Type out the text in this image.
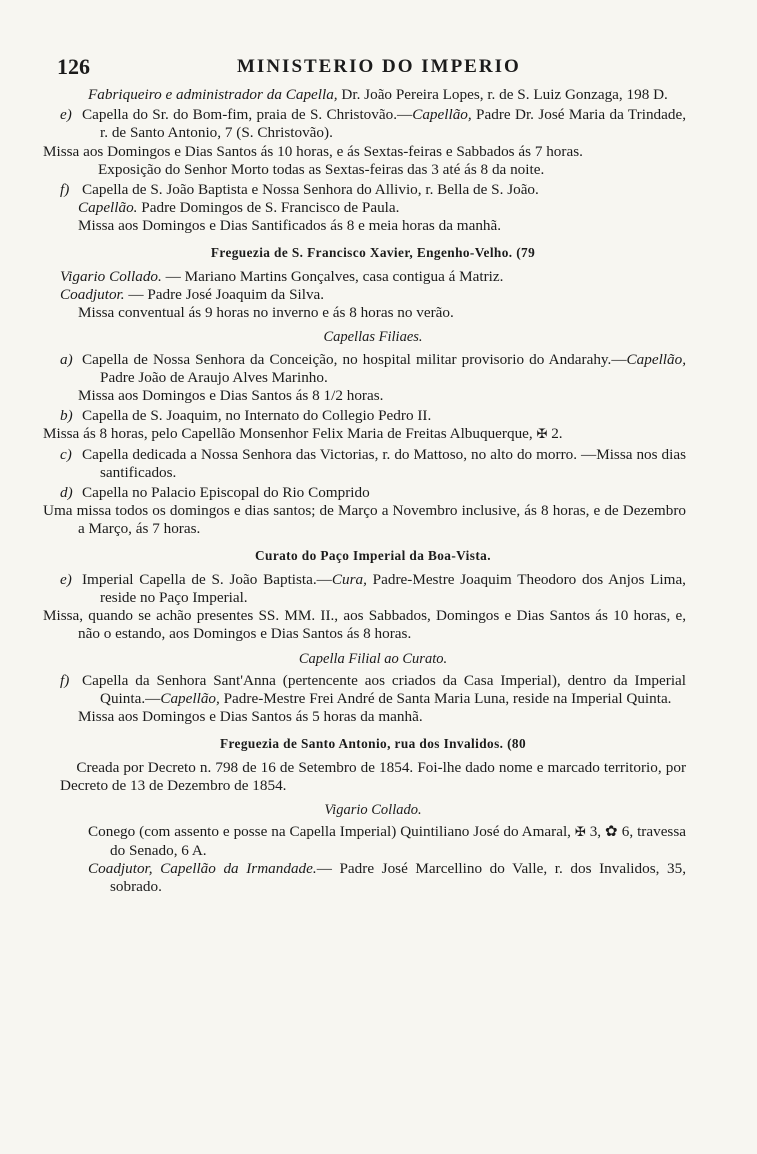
126	MINISTERIO DO IMPERIO
Fabriqueiro e administrador da Capella, Dr. João Pereira Lopes, r. de S. Luiz Gonzaga, 198 D.
e) Capella do Sr. do Bom-fim, praia de S. Christovão.—Capellão, Padre Dr. José Maria da Trindade, r. de Santo Antonio, 7 (S. Christovão).
Missa aos Domingos e Dias Santos ás 10 horas, e ás Sextas-feiras e Sabbados ás 7 horas.
Exposição do Senhor Morto todas as Sextas-feiras das 3 até ás 8 da noite.
f) Capella de S. João Baptista e Nossa Senhora do Allivio, r. Bella de S. João.
Capellão. Padre Domingos de S. Francisco de Paula.
Missa aos Domingos e Dias Santificados ás 8 e meia horas da manhã.
Freguezia de S. Francisco Xavier, Engenho-Velho. (79
Vigario Collado. — Mariano Martins Gonçalves, casa contigua á Matriz.
Coadjutor. — Padre José Joaquim da Silva.
Missa conventual ás 9 horas no inverno e ás 8 horas no verão.
Capellas Filiaes.
a) Capella de Nossa Senhora da Conceição, no hospital militar provisorio do Andarahy.—Capellão, Padre João de Araujo Alves Marinho.
Missa aos Domingos e Dias Santos ás 8 1/2 horas.
b) Capella de S. Joaquim, no Internato do Collegio Pedro II.
Missa ás 8 horas, pelo Capellão Monsenhor Felix Maria de Freitas Albuquerque, ✠ 2.
c) Capella dedicada a Nossa Senhora das Victorias, r. do Mattoso, no alto do morro. —Missa nos dias santificados.
d) Capella no Palacio Episcopal do Rio Comprido
Uma missa todos os domingos e dias santos; de Março a Novembro inclusive, ás 8 horas, e de Dezembro a Março, ás 7 horas.
Curato do Paço Imperial da Boa-Vista.
e) Imperial Capella de S. João Baptista.—Cura, Padre-Mestre Joaquim Theodoro dos Anjos Lima, reside no Paço Imperial.
Missa, quando se achão presentes SS. MM. II., aos Sabbados, Domingos e Dias Santos ás 10 horas, e, não o estando, aos Domingos e Dias Santos ás 8 horas.
Capella Filial ao Curato.
f) Capella da Senhora Sant'Anna (pertencente aos criados da Casa Imperial), dentro da Imperial Quinta.—Capellão, Padre-Mestre Frei André de Santa Maria Luna, reside na Imperial Quinta.
Missa aos Domingos e Dias Santos ás 5 horas da manhã.
Freguezia de Santo Antonio, rua dos Invalidos. (80
Creada por Decreto n. 798 de 16 de Setembro de 1854. Foi-lhe dado nome e marcado territorio, por Decreto de 13 de Dezembro de 1854.
Vigario Collado.
Conego (com assento e posse na Capella Imperial) Quintiliano José do Amaral, ✠ 3, ✿ 6, travessa do Senado, 6 A.
Coadjutor, Capellão da Irmandade.— Padre José Marcellino do Valle, r. dos Invalidos, 35, sobrado.
